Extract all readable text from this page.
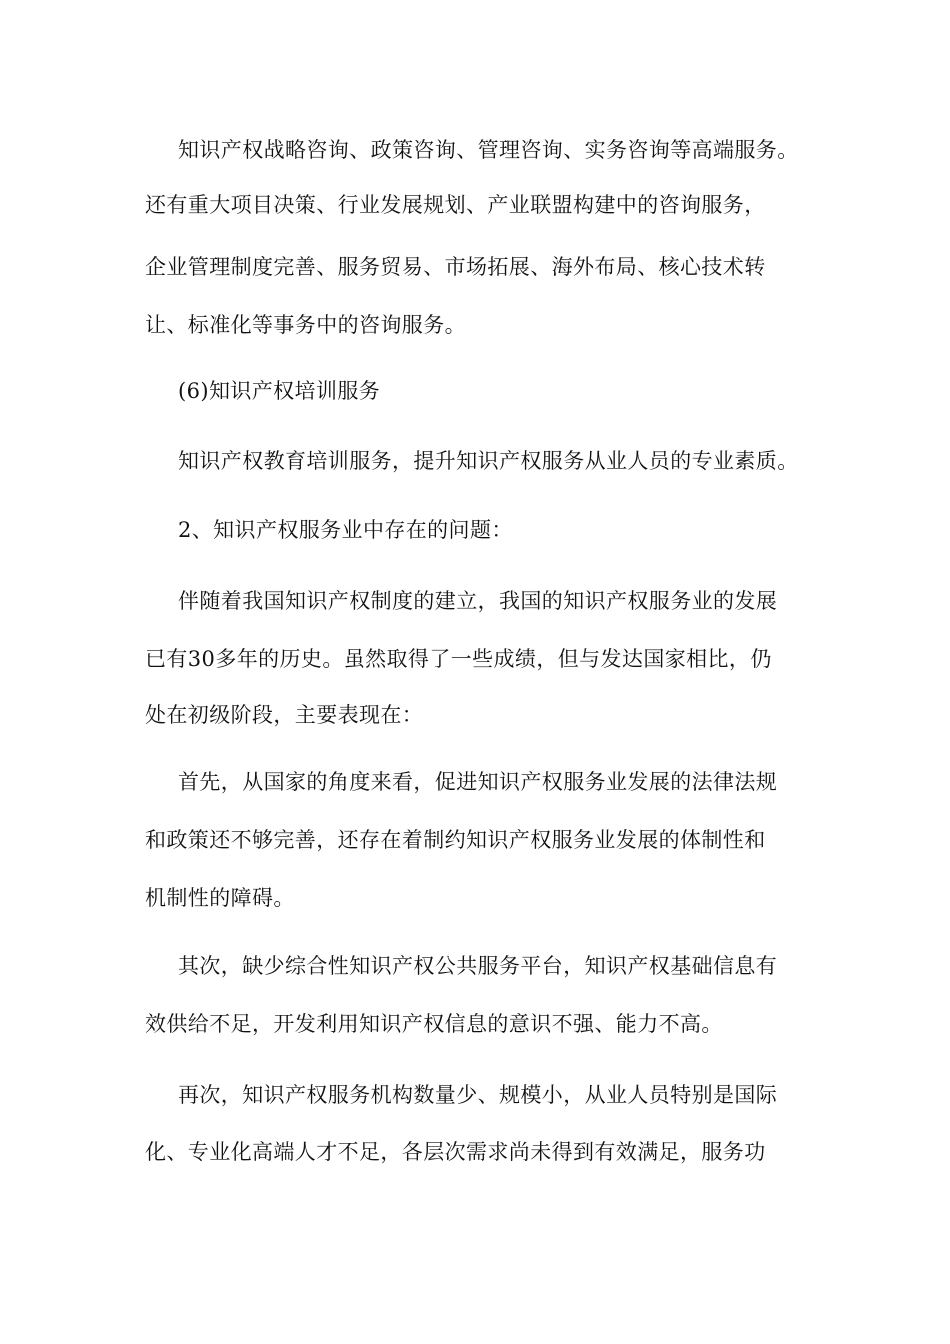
知识产权战略咨询、政策咨询、管理咨询、实务咨询等高端服务。
还有重大项目决策、行业发展规划、产业联盟构建中的咨询服务，
企业管理制度完善、服务贸易、市场拓展、海外布局、核心技术转
让、标准化等事务中的咨询服务。
(6)知识产权培训服务
知识产权教育培训服务，提升知识产权服务从业人员的专业素质。
2、知识产权服务业中存在的问题：
伴随着我国知识产权制度的建立，我国的知识产权服务业的发展
已有30多年的历史。虽然取得了一些成绩，但与发达国家相比，仍
处在初级阶段，主要表现在：
首先，从国家的角度来看，促进知识产权服务业发展的法律法规
和政策还不够完善，还存在着制约知识产权服务业发展的体制性和
机制性的障碍。
其次，缺少综合性知识产权公共服务平台，知识产权基础信息有
效供给不足，开发利用知识产权信息的意识不强、能力不高。
再次，知识产权服务机构数量少、规模小，从业人员特别是国际
化、专业化高端人才不足，各层次需求尚未得到有效满足，服务功
